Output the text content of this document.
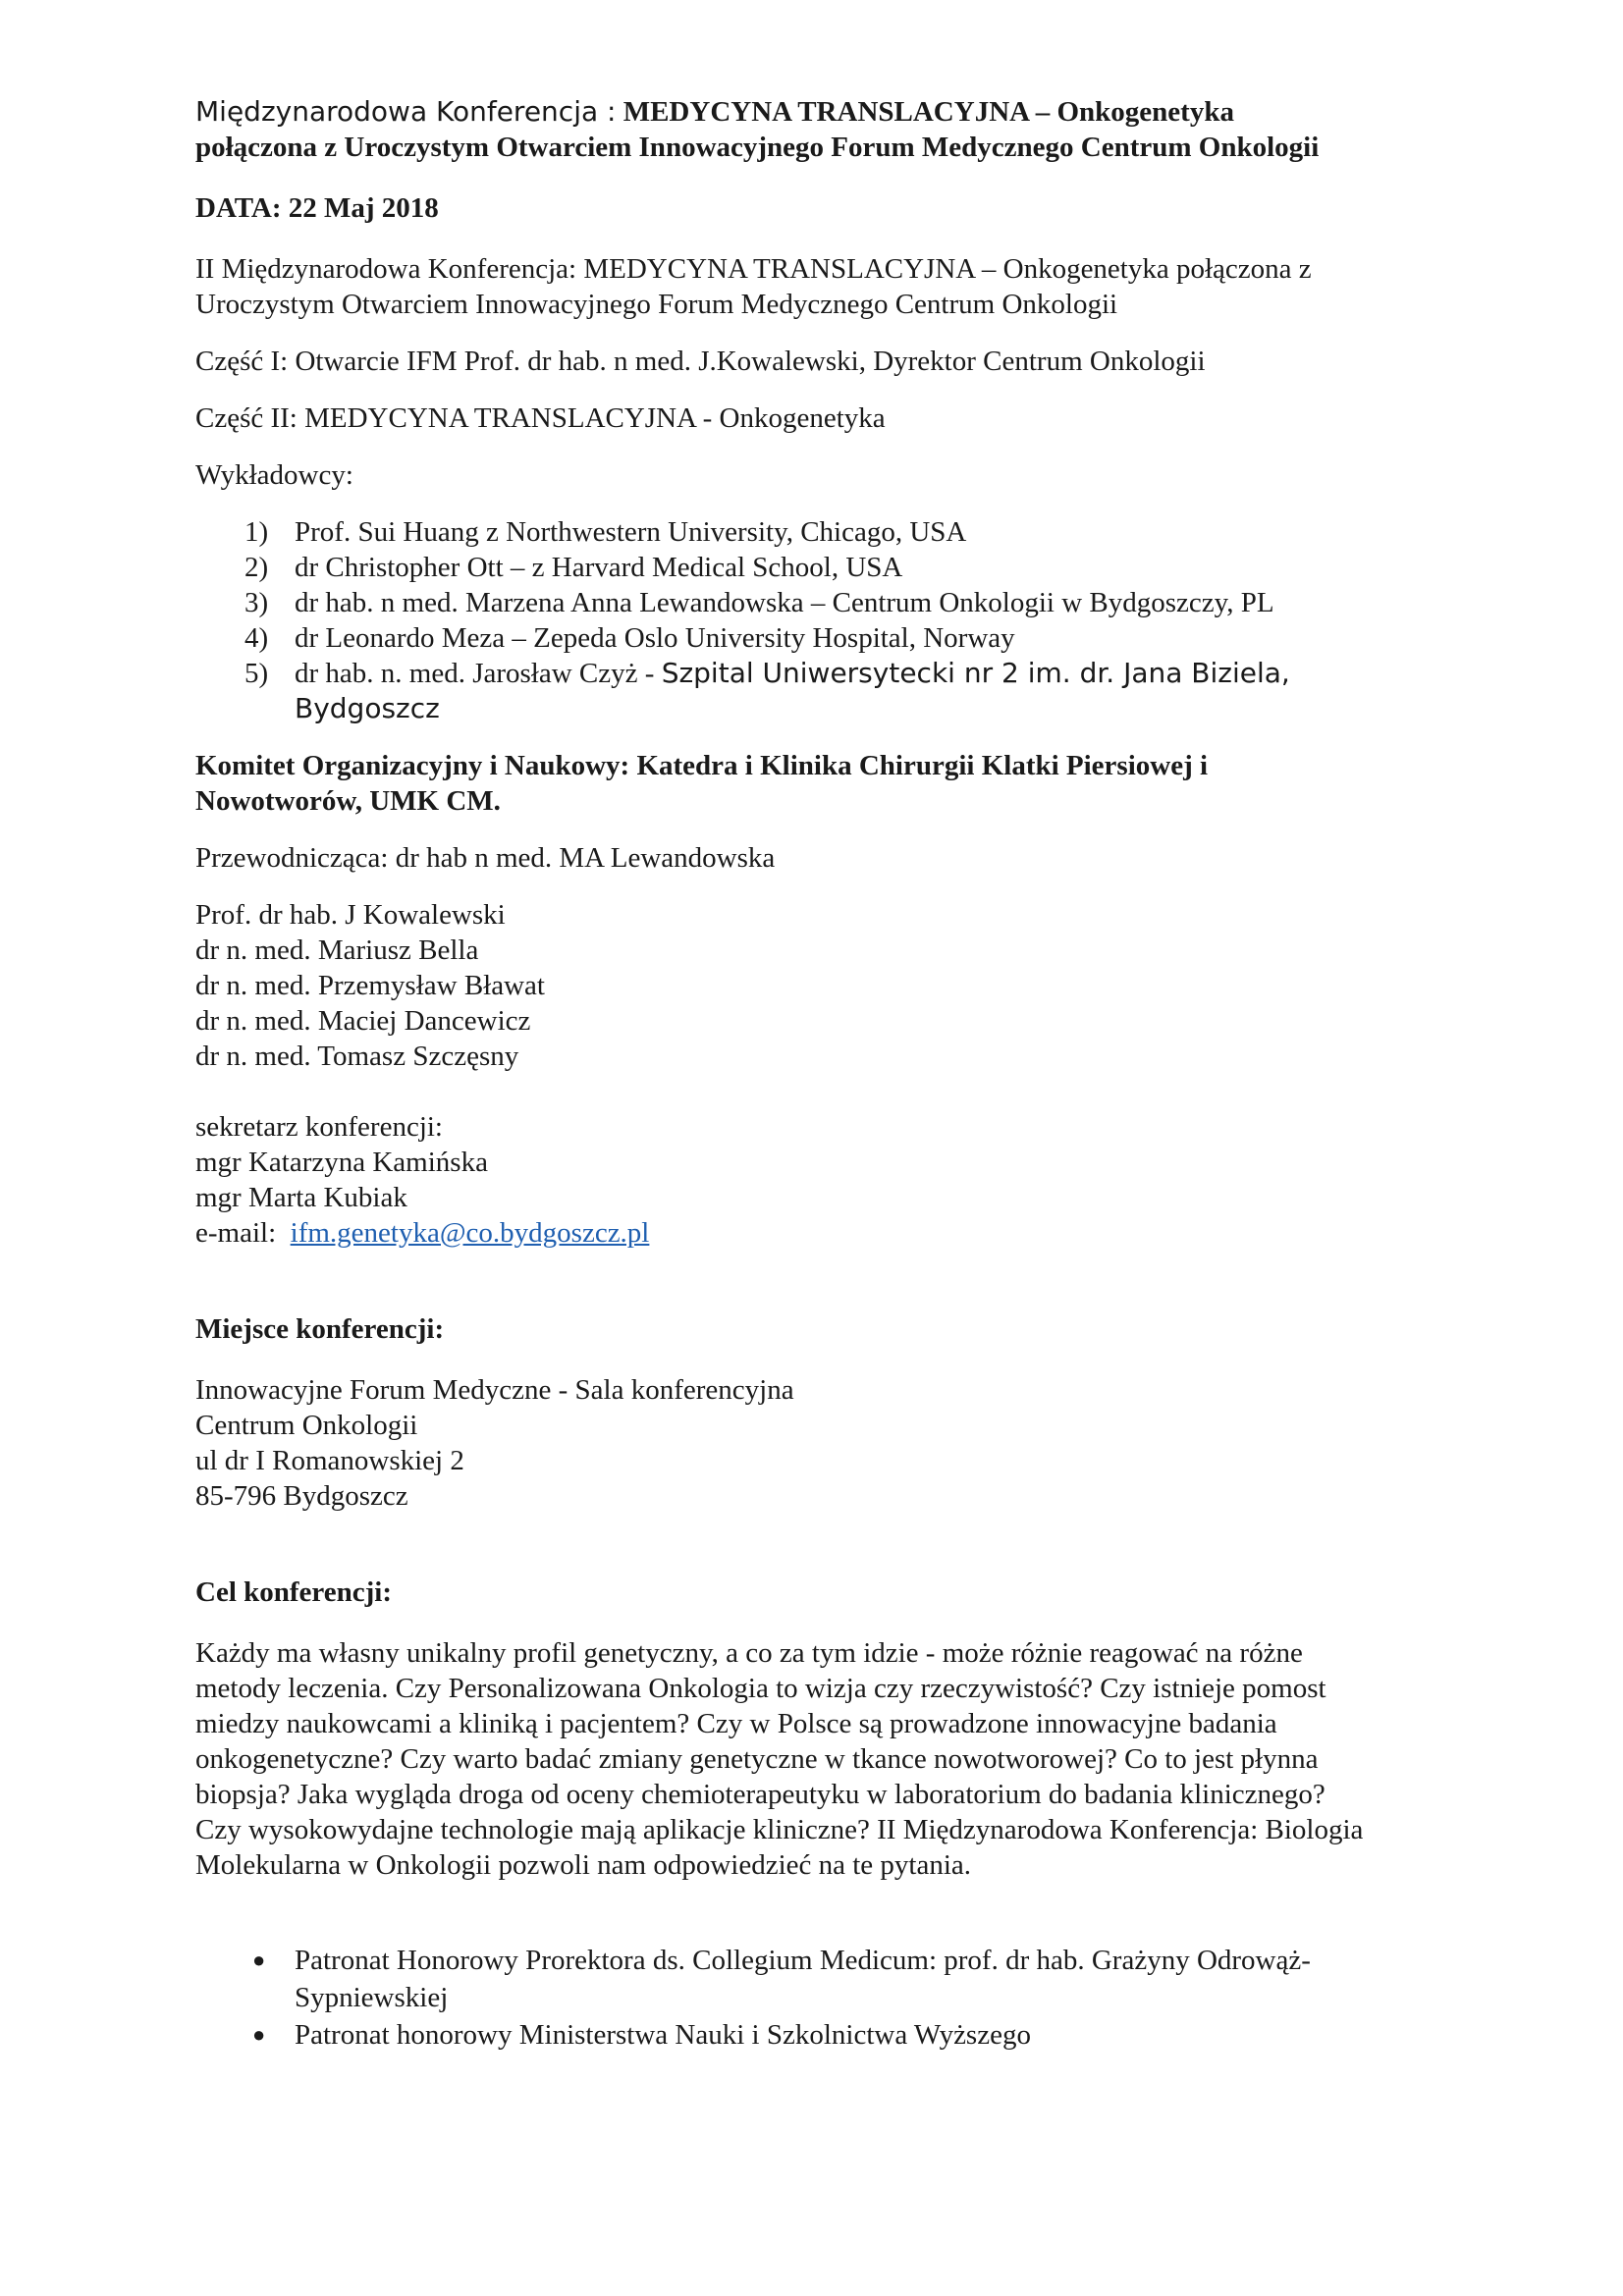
Międzynarodowa Konferencja : MEDYCYNA TRANSLACYJNA – Onkogenetyka

połączona z Uroczystym Otwarciem Innowacyjnego Forum Medycznego Centrum Onkologii

DATA: 22 Maj 2018

II Międzynarodowa Konferencja: MEDYCYNA TRANSLACYJNA – Onkogenetyka połączona z

Uroczystym Otwarciem Innowacyjnego Forum Medycznego Centrum Onkologii

Część I: Otwarcie IFM Prof. dr hab. n med. J.Kowalewski, Dyrektor Centrum Onkologii

Część II: MEDYCYNA TRANSLACYJNA - Onkogenetyka

Wykładowcy:

1) Prof. Sui Huang z Northwestern University, Chicago, USA
2) dr Christopher Ott – z Harvard Medical School, USA
3) dr hab. n med. Marzena Anna Lewandowska – Centrum Onkologii w Bydgoszczy, PL
4) dr Leonardo Meza – Zepeda Oslo University Hospital, Norway
5) dr hab. n. med. Jarosław Czyż - Szpital Uniwersytecki nr 2 im. dr. Jana Biziela,
Bydgoszcz

Komitet Organizacyjny i Naukowy: Katedra i Klinika Chirurgii Klatki Piersiowej i

Nowotworów, UMK CM.

Przewodnicząca: dr hab n med. MA Lewandowska

Prof. dr hab. J Kowalewski

dr n. med. Mariusz Bella

dr n. med. Przemysław Bławat

dr n. med. Maciej Dancewicz

dr n. med. Tomasz Szczęsny

sekretarz konferencji:

mgr Katarzyna Kamińska

mgr Marta Kubiak

e-mail:  ifm.genetyka@co.bydgoszcz.pl

Miejsce konferencji:

Innowacyjne Forum Medyczne - Sala konferencyjna

Centrum Onkologii

ul dr I Romanowskiej 2

85-796 Bydgoszcz

Cel konferencji:

Każdy ma własny unikalny profil genetyczny, a co za tym idzie - może różnie reagować na różne

metody leczenia. Czy Personalizowana Onkologia to wizja czy rzeczywistość? Czy istnieje pomost

miedzy naukowcami a kliniką i pacjentem? Czy w Polsce są prowadzone innowacyjne badania

onkogenetyczne? Czy warto badać zmiany genetyczne w tkance nowotworowej? Co to jest płynna

biopsja? Jaka wygląda droga od oceny chemioterapeutyku w laboratorium do badania klinicznego?

Czy wysokowydajne technologie mają aplikacje kliniczne? II Międzynarodowa Konferencja: Biologia

Molekularna w Onkologii pozwoli nam odpowiedzieć na te pytania.

● Patronat Honorowy Prorektora ds. Collegium Medicum: prof. dr hab. Grażyny Odrowąż-
Sypniewskiej
● Patronat honorowy Ministerstwa Nauki i Szkolnictwa Wyższego
